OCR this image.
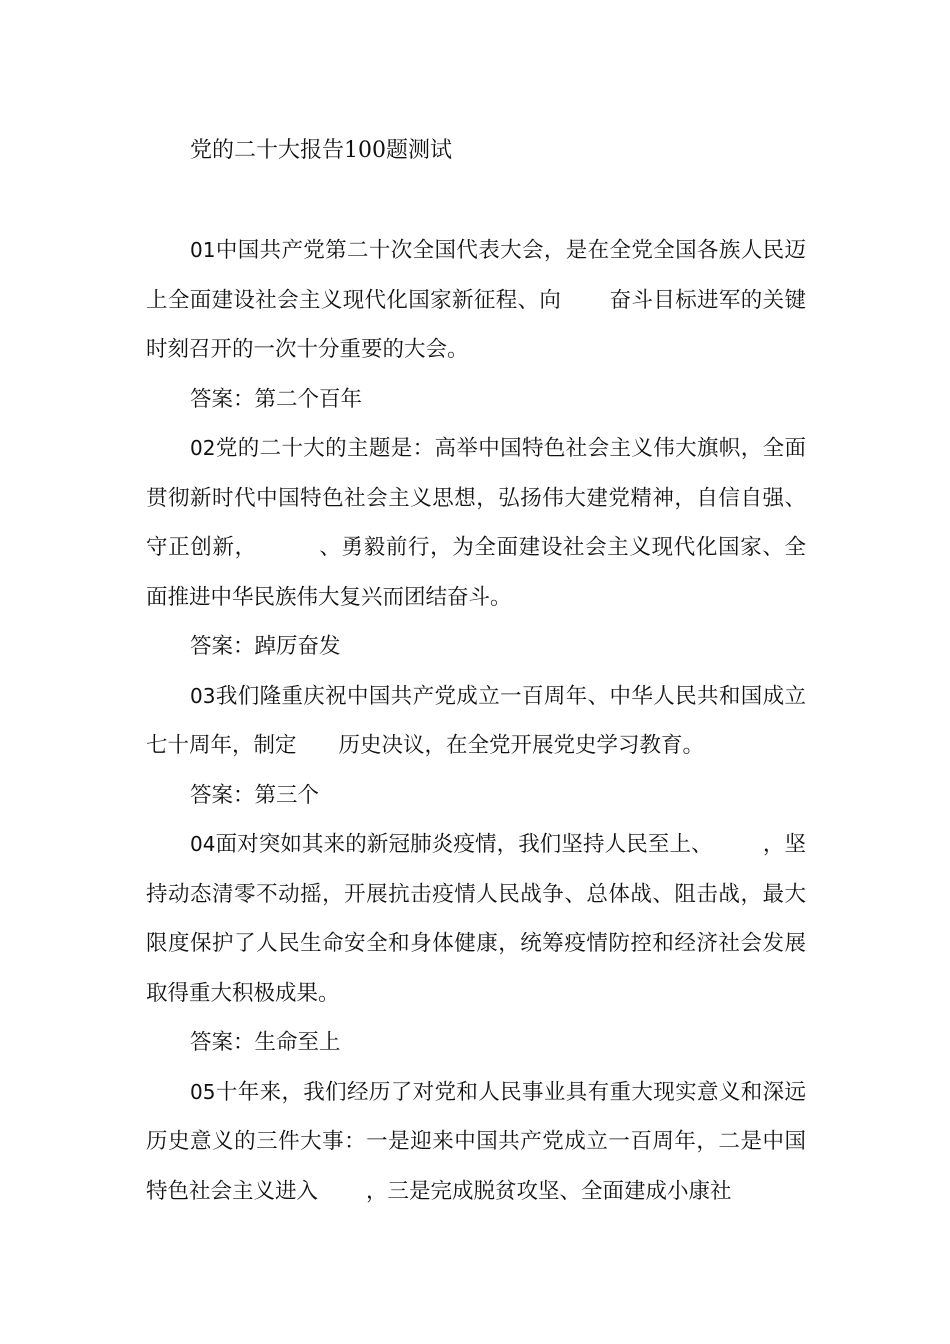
党的二十大报告100题测试

01中国共产党第二十次全国代表大会，是在全党全国各族人民迈上全面建设社会主义现代化国家新征程、向 奋斗目标进军的关键时刻召开的一次十分重要的大会。

答案：第二个百年

02党的二十大的主题是：高举中国特色社会主义伟大旗帜，全面贯彻新时代中国特色社会主义思想，弘扬伟大建党精神，自信自强、守正创新，	、勇毅前行，为全面建设社会主义现代化国家、全面推进中华民族伟大复兴而团结奋斗。

答案：踔厉奋发

03我们隆重庆祝中国共产党成立一百周年、中华人民共和国成立七十周年，制定 历史决议，在全党开展党史学习教育。

答案：第三个

04面对突如其来的新冠肺炎疫情，我们坚持人民至上、 ，坚持动态清零不动摇，开展抗击疫情人民战争、总体战、阻击战，最大限度保护了人民生命安全和身体健康，统筹疫情防控和经济社会发展取得重大积极成果。

答案：生命至上

05十年来，我们经历了对党和人民事业具有重大现实意义和深远历史意义的三件大事：一是迎来中国共产党成立一百周年，二是中国特色社会主义进入 ，三是完成脱贫攻坚、全面建成小康社
